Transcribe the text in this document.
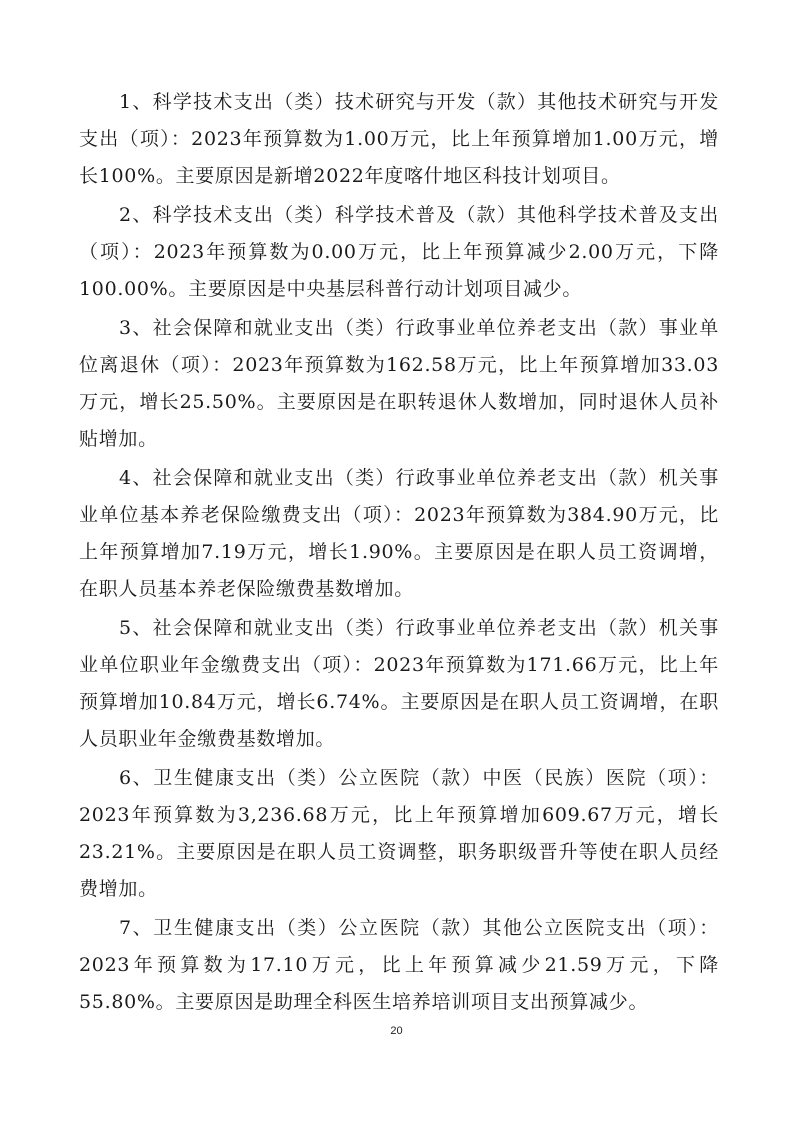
1、科学技术支出（类）技术研究与开发（款）其他技术研究与开发支出（项）：2023年预算数为1.00万元，比上年预算增加1.00万元，增长100%。主要原因是新增2022年度喀什地区科技计划项目。

2、科学技术支出（类）科学技术普及（款）其他科学技术普及支出（项）：2023年预算数为0.00万元，比上年预算减少2.00万元，下降100.00%。主要原因是中央基层科普行动计划项目减少。

3、社会保障和就业支出（类）行政事业单位养老支出（款）事业单位离退休（项）：2023年预算数为162.58万元，比上年预算增加33.03万元，增长25.50%。主要原因是在职转退休人数增加，同时退休人员补贴增加。

4、社会保障和就业支出（类）行政事业单位养老支出（款）机关事业单位基本养老保险缴费支出（项）：2023年预算数为384.90万元，比上年预算增加7.19万元，增长1.90%。主要原因是在职人员工资调增，在职人员基本养老保险缴费基数增加。

5、社会保障和就业支出（类）行政事业单位养老支出（款）机关事业单位职业年金缴费支出（项）：2023年预算数为171.66万元，比上年预算增加10.84万元，增长6.74%。主要原因是在职人员工资调增，在职人员职业年金缴费基数增加。

6、卫生健康支出（类）公立医院（款）中医（民族）医院（项）：2023年预算数为3,236.68万元，比上年预算增加609.67万元，增长23.21%。主要原因是在职人员工资调整，职务职级晋升等使在职人员经费增加。

7、卫生健康支出（类）公立医院（款）其他公立医院支出（项）：2023年预算数为17.10万元，比上年预算减少21.59万元，下降55.80%。主要原因是助理全科医生培养培训项目支出预算减少。

20
